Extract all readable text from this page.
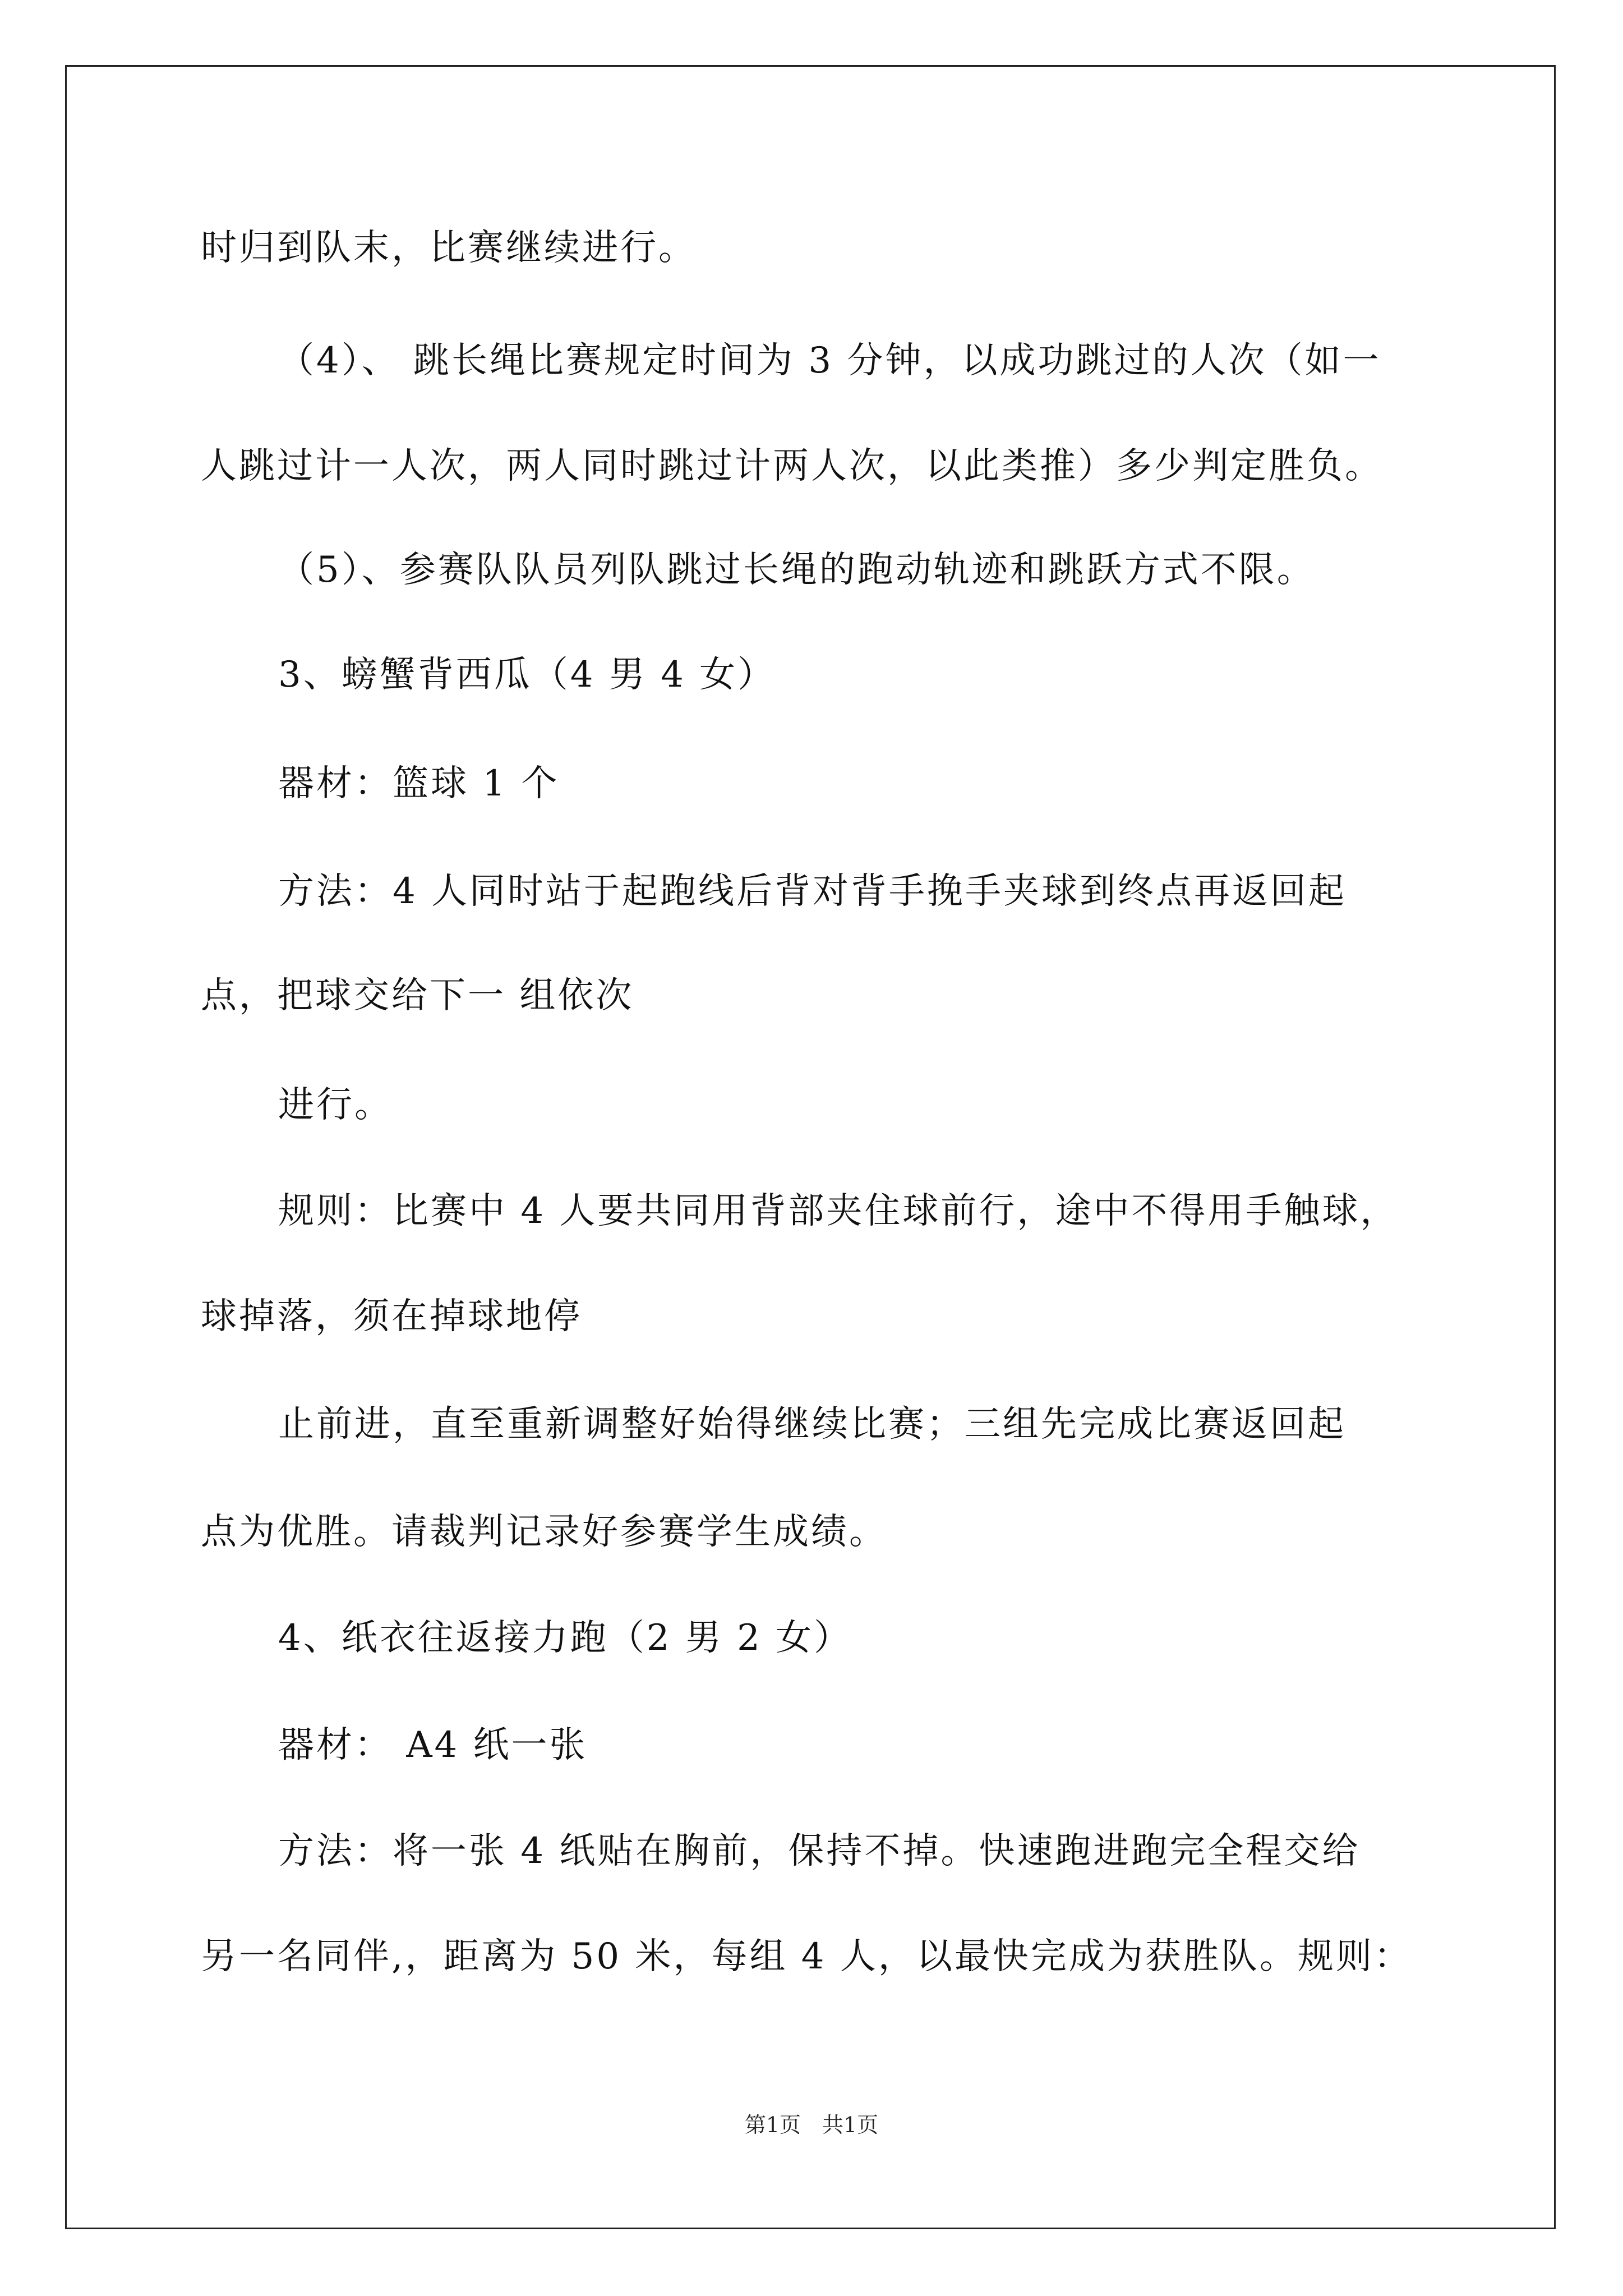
时归到队末，比赛继续进行。

（4）、 跳长绳比赛规定时间为 3 分钟，以成功跳过的人次（如一

人跳过计一人次，两人同时跳过计两人次，以此类推）多少判定胜负。

（5）、参赛队队员列队跳过长绳的跑动轨迹和跳跃方式不限。

3、螃蟹背西瓜（4 男 4 女）

器材：篮球 1 个

方法：4 人同时站于起跑线后背对背手挽手夹球到终点再返回起

点，把球交给下一 组依次

进行。

规则：比赛中 4 人要共同用背部夹住球前行，途中不得用手触球，

球掉落，须在掉球地停

止前进，直至重新调整好始得继续比赛；三组先完成比赛返回起

点为优胜。请裁判记录好参赛学生成绩。

4、纸衣往返接力跑（2 男 2 女）

器材： A4 纸一张

方法：将一张 4 纸贴在胸前，保持不掉。快速跑进跑完全程交给

另一名同伴,，距离为 50 米，每组 4 人，以最快完成为获胜队。规则：

第1页　共1页
